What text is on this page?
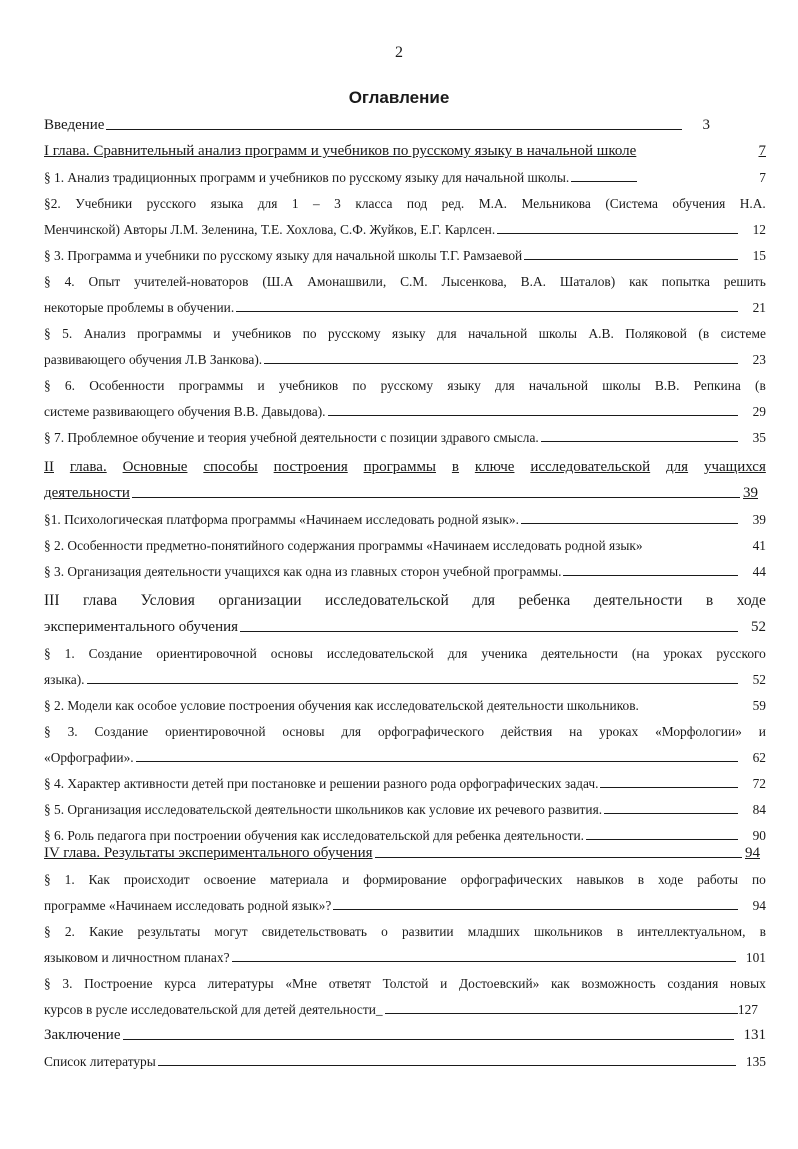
2
Оглавление
Введение	3
I глава. Сравнительный анализ программ и учебников по русскому языку в начальной школе	7
§ 1. Анализ традиционных программ и учебников по русскому языку для начальной школы.	7
§2. Учебники русского языка для 1 – 3 класса под ред. М.А. Мельникова (Система обучения Н.А.
Менчинской) Авторы Л.М. Зеленина, Т.Е. Хохлова, С.Ф. Жуйков, Е.Г. Карлсен.	12
§ 3. Программа и учебники по русскому языку для начальной школы Т.Г. Рамзаевой	15
§ 4. Опыт учителей-новаторов (Ш.А Амонашвили, С.М. Лысенкова, В.А. Шаталов) как попытка решить
некоторые проблемы в обучении.	21
§ 5. Анализ программы и учебников по русскому языку для начальной школы А.В. Поляковой (в системе
развивающего обучения Л.В Занкова).	23
§ 6. Особенности программы и учебников по русскому языку для начальной школы В.В. Репкина (в
системе развивающего обучения В.В. Давыдова).	29
§ 7. Проблемное обучение и теория учебной деятельности с позиции здравого смысла.	35
II глава. Основные способы построения программы в ключе исследовательской для учащихся
деятельности	39
§1. Психологическая платформа программы «Начинаем исследовать родной язык».	39
§ 2. Особенности предметно-понятийного содержания программы «Начинаем исследовать родной язык»	41
§ 3. Организация деятельности учащихся как одна из главных сторон учебной программы.	44
III глава Условия организации исследовательской для ребенка деятельности в ходе
экспериментального обучения	52
§ 1. Создание ориентировочной основы исследовательской для ученика деятельности (на уроках русского
языка).	52
§ 2. Модели как особое условие построения обучения как исследовательской деятельности школьников.	59
§ 3. Создание ориентировочной основы для орфографического действия на уроках «Морфологии» и
«Орфографии».	62
§ 4. Характер активности детей при постановке и решении разного рода орфографических задач.	72
§ 5. Организация исследовательской деятельности школьников как условие их речевого развития.	84
§ 6. Роль педагога при построении обучения как исследовательской для ребенка деятельности.	90
IV глава. Результаты экспериментального обучения	94
§ 1. Как происходит освоение материала и формирование орфографических навыков в ходе работы по
программе «Начинаем исследовать родной язык»?	94
§ 2. Какие результаты могут свидетельствовать о развитии младших школьников в интеллектуальном, в
языковом и личностном планах?	101
§ 3. Построение курса литературы «Мне ответят Толстой и Достоевский» как возможность создания новых
курсов в русле исследовательской для детей деятельности_	127
Заключение	131
Список литературы	135
